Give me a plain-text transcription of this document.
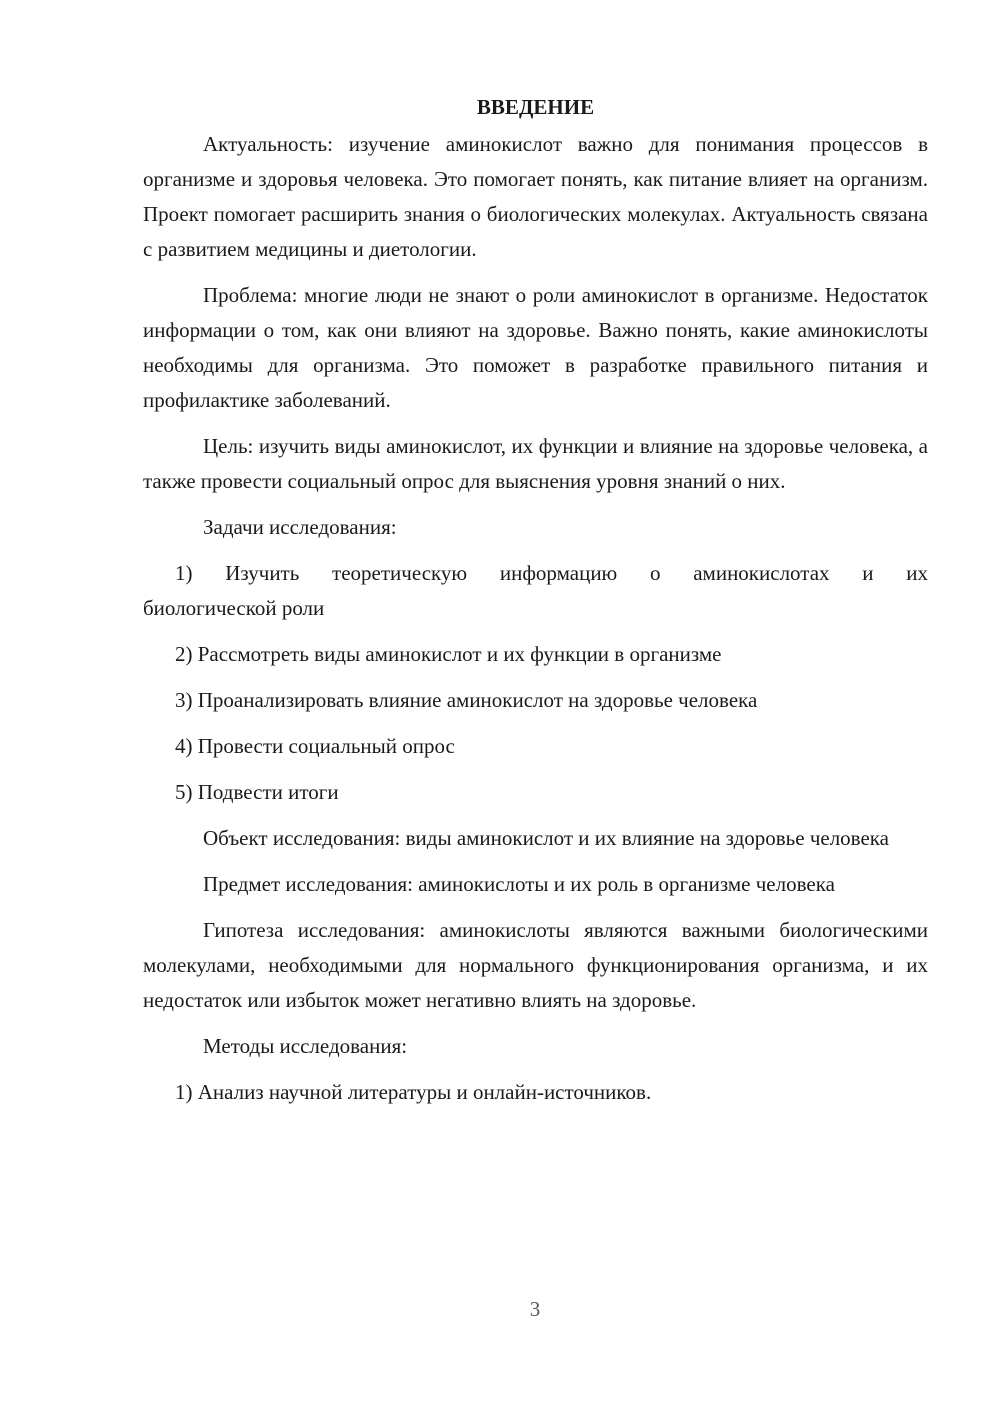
ВВЕДЕНИЕ
Актуальность: изучение аминокислот важно для понимания процессов в организме и здоровья человека. Это помогает понять, как питание влияет на организм. Проект помогает расширить знания о биологических молекулах. Актуальность связана с развитием медицины и диетологии.
Проблема: многие люди не знают о роли аминокислот в организме. Недостаток информации о том, как они влияют на здоровье. Важно понять, какие аминокислоты необходимы для организма. Это поможет в разработке правильного питания и профилактике заболеваний.
Цель: изучить виды аминокислот, их функции и влияние на здоровье человека, а также провести социальный опрос для выяснения уровня знаний о них.
Задачи исследования:
1) Изучить теоретическую информацию о аминокислотах и их
биологической роли
2) Рассмотреть виды аминокислот и их функции в организме
3) Проанализировать влияние аминокислот на здоровье человека
4) Провести социальный опрос
5) Подвести итоги
Объект исследования: виды аминокислот и их влияние на здоровье человека
Предмет исследования: аминокислоты и их роль в организме человека
Гипотеза исследования: аминокислоты являются важными биологическими молекулами, необходимыми для нормального функционирования организма, и их недостаток или избыток может негативно влиять на здоровье.
Методы исследования:
1) Анализ научной литературы и онлайн-источников.
3
